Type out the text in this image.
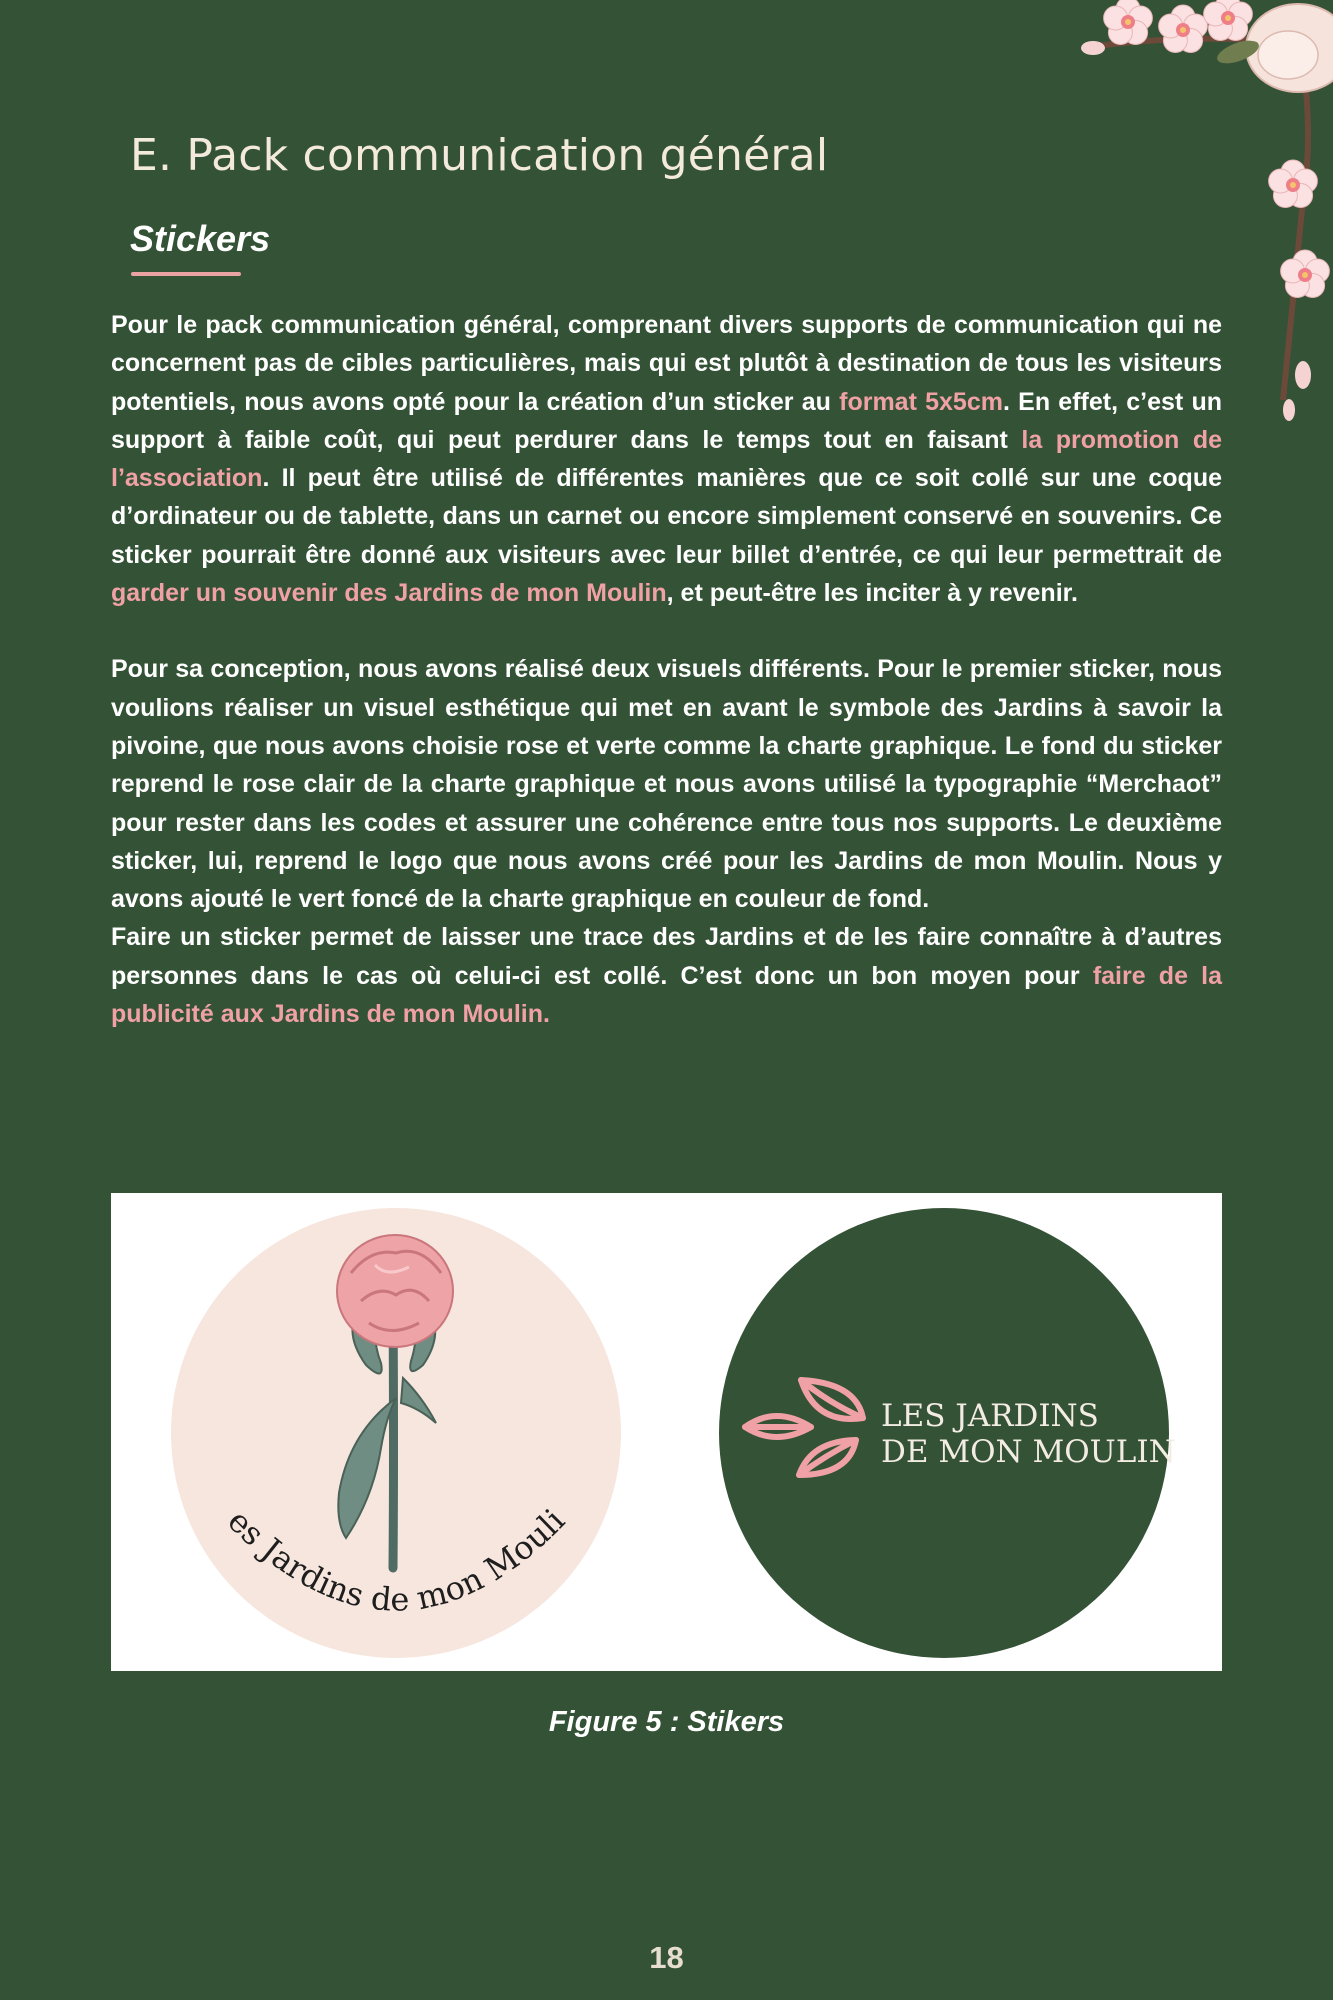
E. Pack communication général
Stickers

Pour le pack communication général, comprenant divers supports de communication qui ne concernent pas de cibles particulières, mais qui est plutôt à destination de tous les visiteurs potentiels, nous avons opté pour la création d’un sticker au format 5x5cm. En effet, c’est un support à faible coût, qui peut perdurer dans le temps tout en faisant la promotion de l’association. Il peut être utilisé de différentes manières que ce soit collé sur une coque d’ordinateur ou de tablette, dans un carnet ou encore simplement conservé en souvenirs. Ce sticker pourrait être donné aux visiteurs avec leur billet d’entrée, ce qui leur permettrait de garder un souvenir des Jardins de mon Moulin, et peut-être les inciter à y revenir.

Pour sa conception, nous avons réalisé deux visuels différents. Pour le premier sticker, nous voulions réaliser un visuel esthétique qui met en avant le symbole des Jardins à savoir la pivoine, que nous avons choisie rose et verte comme la charte graphique. Le fond du sticker reprend le rose clair de la charte graphique et nous avons utilisé la typographie “Merchaot” pour rester dans les codes et assurer une cohérence entre tous nos supports. Le deuxième sticker, lui, reprend le logo que nous avons créé pour les Jardins de mon Moulin. Nous y avons ajouté le vert foncé de la charte graphique en couleur de fond.

Faire un sticker permet de laisser une trace des Jardins et de les faire connaître à d’autres personnes dans le cas où celui-ci est collé. C’est donc un bon moyen pour faire de la publicité aux Jardins de mon Moulin.

es Jardins de mon Mouli
LES JARDINS
DE MON MOULIN
Figure 5 : Stikers
18
